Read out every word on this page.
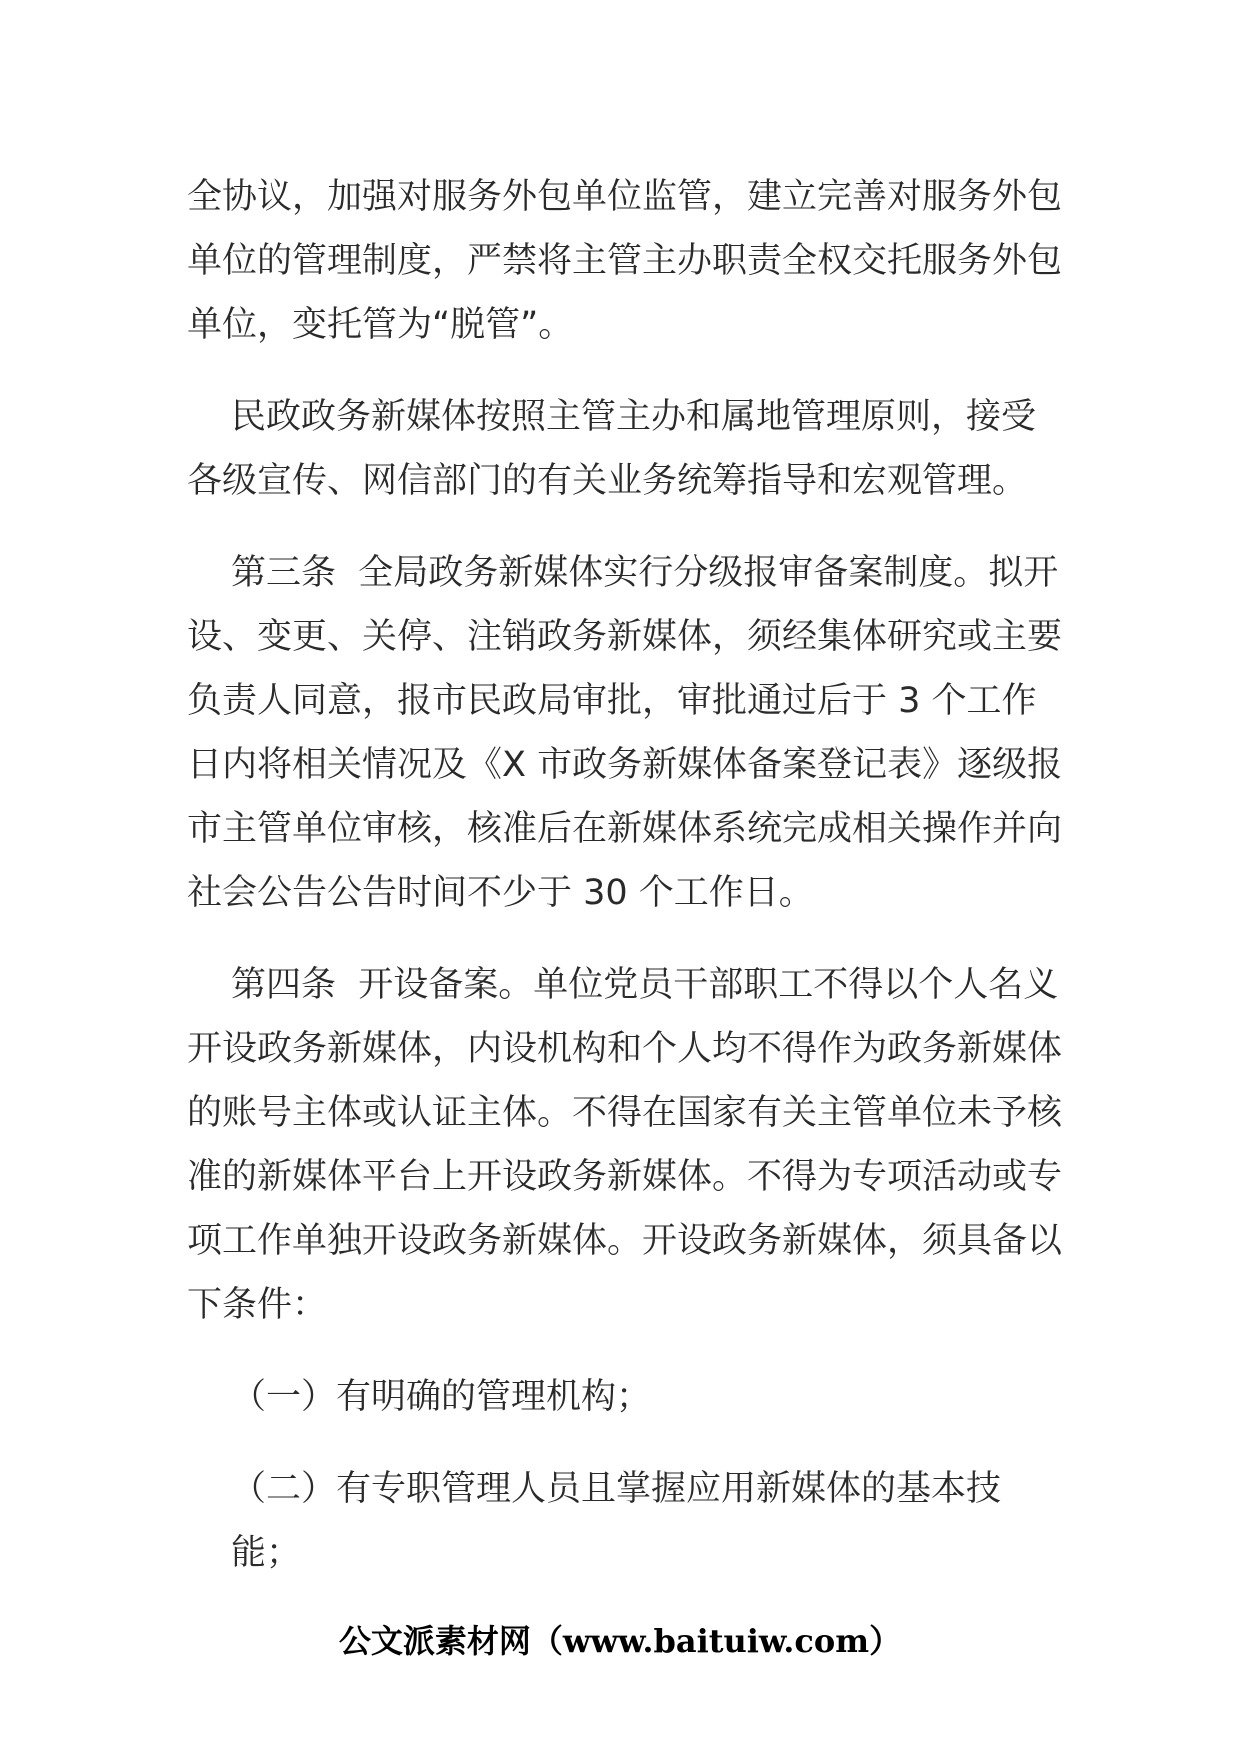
全协议，加强对服务外包单位监管，建立完善对服务外包单位的管理制度，严禁将主管主办职责全权交托服务外包单位，变托管为“脱管”。

民政政务新媒体按照主管主办和属地管理原则，接受各级宣传、网信部门的有关业务统筹指导和宏观管理。

第三条  全局政务新媒体实行分级报审备案制度。拟开设、变更、关停、注销政务新媒体，须经集体研究或主要负责人同意，报市民政局审批，审批通过后于 3 个工作日内将相关情况及《X 市政务新媒体备案登记表》逐级报市主管单位审核，核准后在新媒体系统完成相关操作并向社会公告公告时间不少于 30 个工作日。

第四条  开设备案。单位党员干部职工不得以个人名义开设政务新媒体，内设机构和个人均不得作为政务新媒体的账号主体或认证主体。不得在国家有关主管单位未予核准的新媒体平台上开设政务新媒体。不得为专项活动或专项工作单独开设政务新媒体。开设政务新媒体，须具备以下条件：

（一）有明确的管理机构；

（二）有专职管理人员且掌握应用新媒体的基本技能；

公文派素材网（www.baituiw.com）
